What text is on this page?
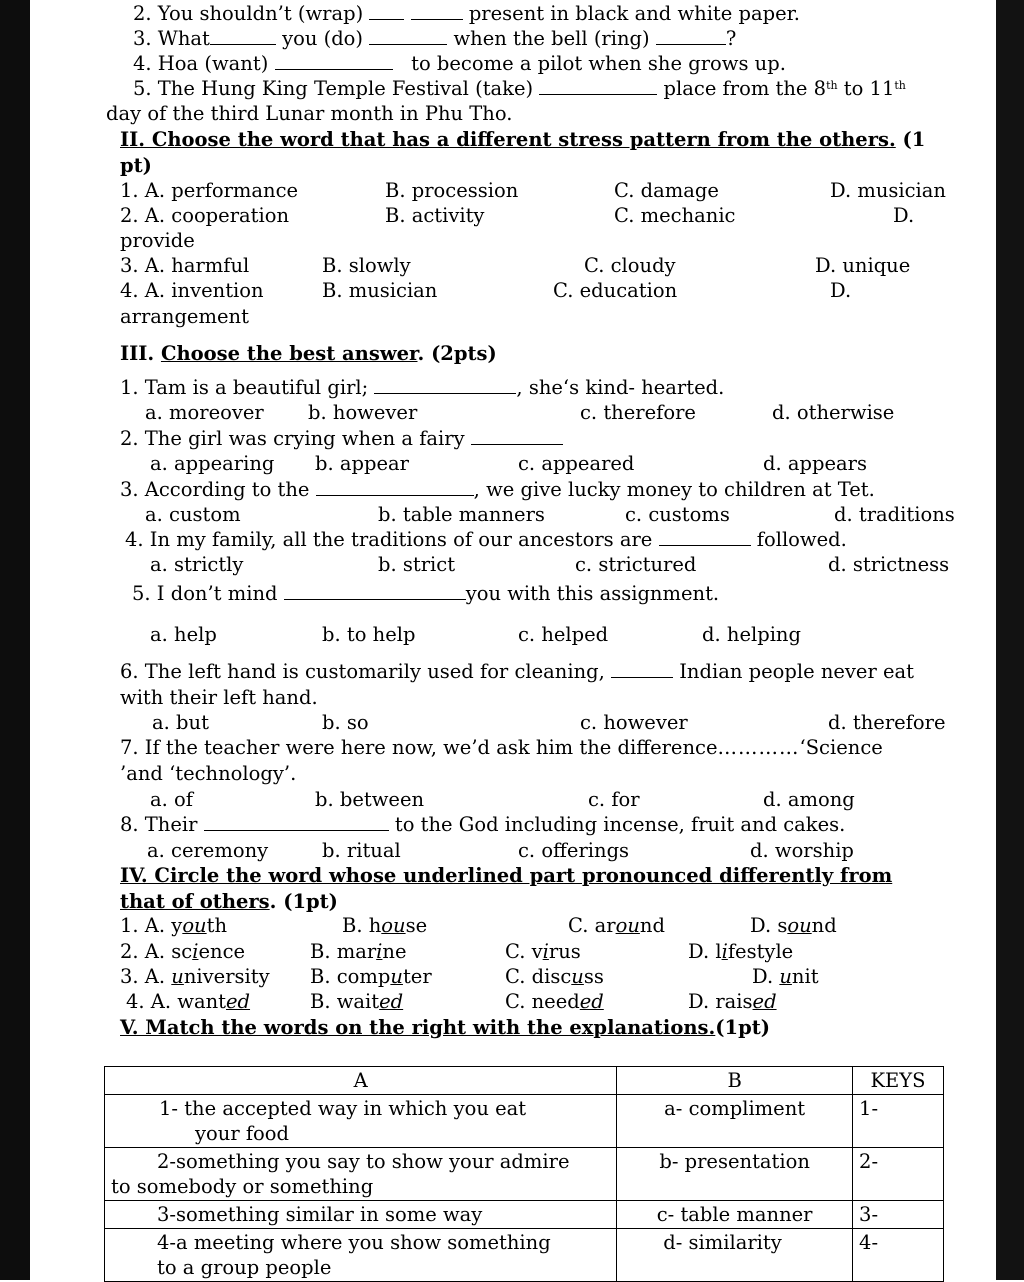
2. You shouldn’t (wrap)	present in black and white paper.
3. What	you (do)	when the bell (ring)	?
4. Hoa (want)	to become a pilot when she grows up.
5. The Hung King Temple Festival (take)	place from the 8th to 11th
day of the third Lunar month in Phu Tho.
II. Choose the word that has a different stress pattern from the others. (1
pt)
1. A. performance	B. procession	C. damage	D. musician
2. A. cooperation	B. activity	C. mechanic	D.
provide
3. A. harmful	B. slowly	C. cloudy	D. unique
4. A. invention	B. musician	C. education	D.
arrangement
III. Choose the best answer. (2pts)
1. Tam is a beautiful girl;	, she‘s kind- hearted.
a. moreover b. however	c. therefore	d. otherwise
2. The girl was crying when a fairy
a. appearing b. appear	c. appeared	d. appears
3. According to the	, we give lucky money to children at Tet.
a. custom	b. table manners	c. customs	d. traditions
4. In my family, all the traditions of our ancestors are	followed.
a. strictly	b. strict	c. strictured	d. strictness
5. I don’t mind	you with this assignment.
a. help	b. to help	c. helped	d. helping
6. The left hand is customarily used for cleaning,	Indian people never eat
with their left hand.
a. but	b. so	c. however	d. therefore
7. If the teacher were here now, we’d ask him the difference…………‘Science
’and ‘technology’.
a. of	b. between	c. for	d. among
8. Their	to the God including incense, fruit and cakes.
a. ceremony	b. ritual	c. offerings	d. worship
IV. Circle the word whose underlined part pronounced differently from
that of others. (1pt)
1. A. youth	B. house	C. around	D. sound
2. A. science	B. marine	C. virus	D. lifestyle
3. A. university B. computer	C. discuss	D. unit
4. A. wanted	B. waited	C. needed	D. raised
V. Match the words on the right with the explanations.(1pt)
A	B	KEYS

1- the accepted way in which you eat
your food	a- compliment	1-

2-something you say to show your admire
to somebody or something	b- presentation	2-

3-something similar in some way	c- table manner	3-

4-a meeting where you show something
to a group people	d- similarity	4-
